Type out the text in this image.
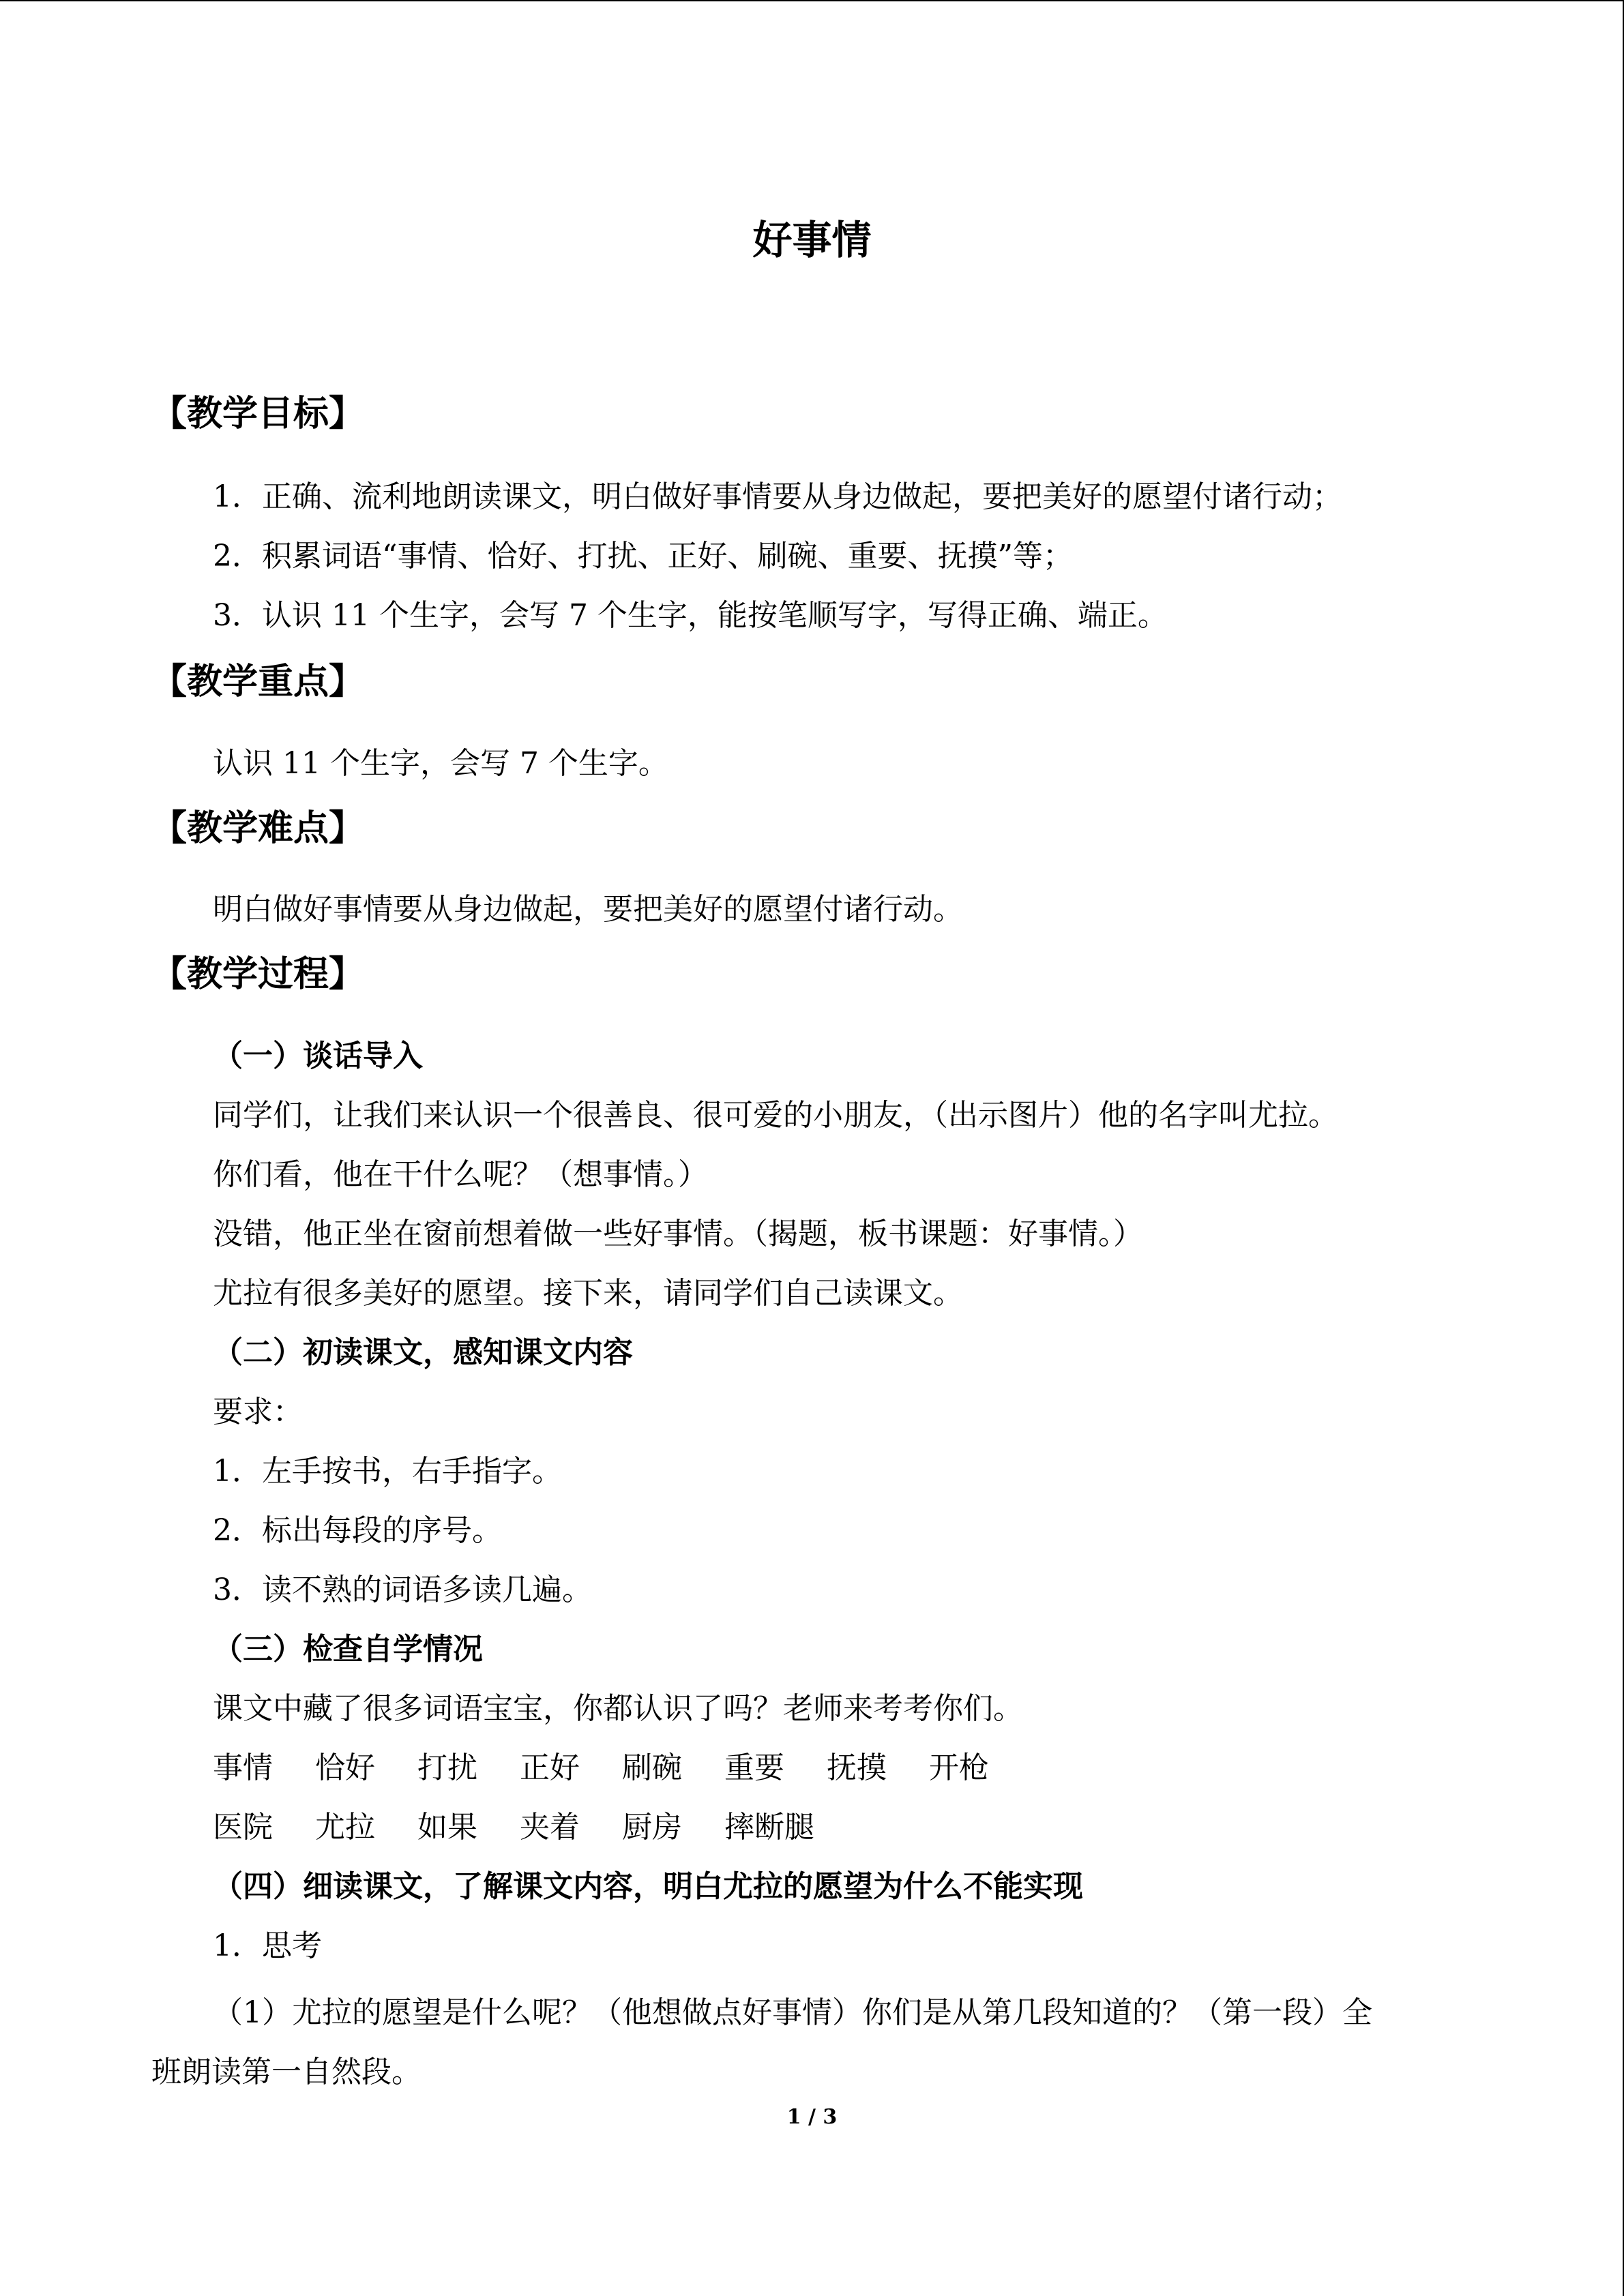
好事情
【教学目标】
1．正确、流利地朗读课文，明白做好事情要从身边做起，要把美好的愿望付诸行动；
2．积累词语“事情、恰好、打扰、正好、刷碗、重要、抚摸”等；
3．认识 11 个生字，会写 7 个生字，能按笔顺写字，写得正确、端正。
【教学重点】
认识 11 个生字，会写 7 个生字。
【教学难点】
明白做好事情要从身边做起，要把美好的愿望付诸行动。
【教学过程】
（一）谈话导入
同学们，让我们来认识一个很善良、很可爱的小朋友，（出示图片）他的名字叫尤拉。
你们看，他在干什么呢？（想事情。）
没错，他正坐在窗前想着做一些好事情。（揭题，板书课题：好事情。）
尤拉有很多美好的愿望。接下来，请同学们自己读课文。
（二）初读课文，感知课文内容
要求：
1．左手按书，右手指字。
2．标出每段的序号。
3．读不熟的词语多读几遍。
（三）检查自学情况
课文中藏了很多词语宝宝，你都认识了吗？老师来考考你们。
事情 恰好 打扰 正好 刷碗 重要 抚摸 开枪
医院 尤拉 如果 夹着 厨房 摔断腿
（四）细读课文，了解课文内容，明白尤拉的愿望为什么不能实现
1．思考
（1）尤拉的愿望是什么呢？（他想做点好事情）你们是从第几段知道的？（第一段）全
班朗读第一自然段。
1 / 3
